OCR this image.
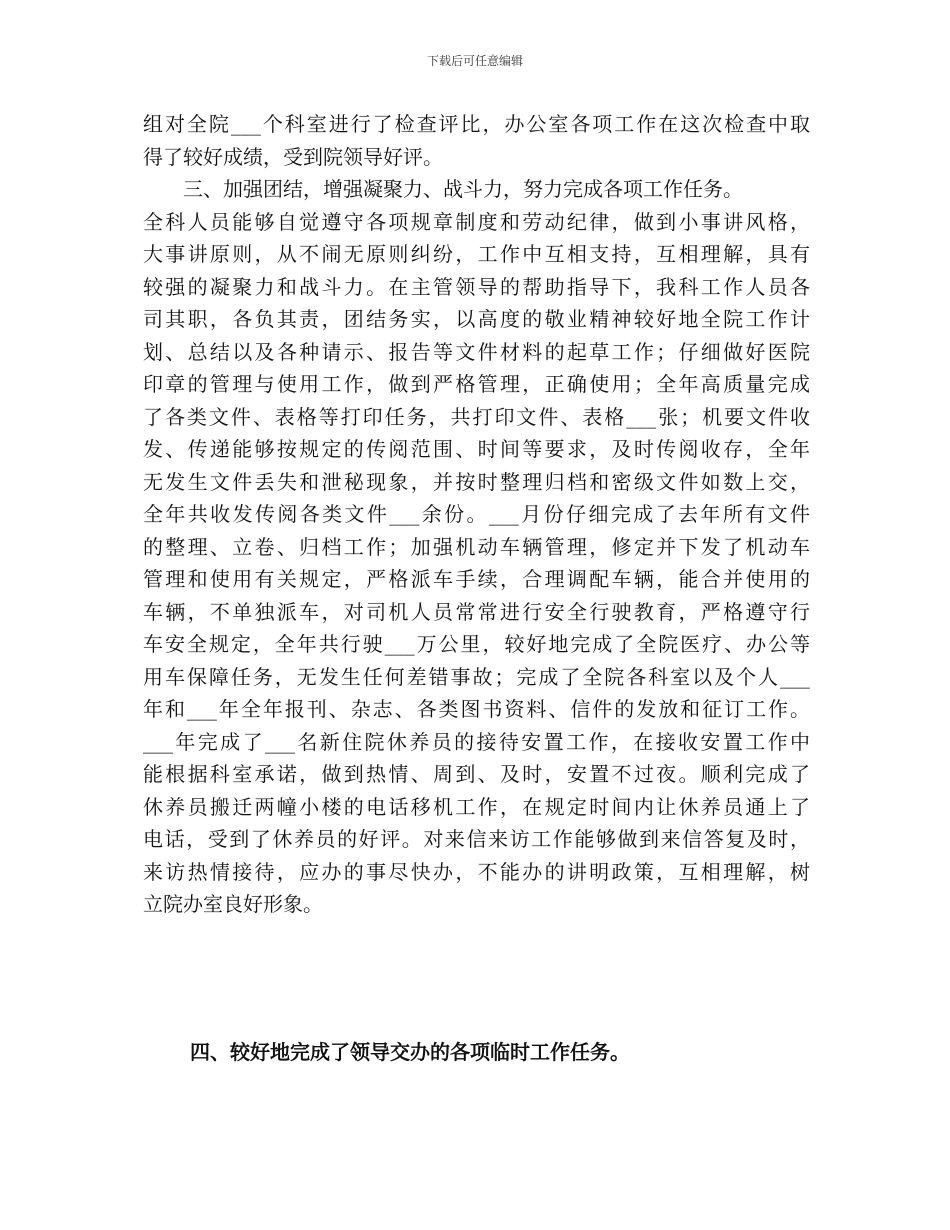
下载后可任意编辑
组对全院___个科室进行了检查评比，办公室各项工作在这次检查中取
得了较好成绩，受到院领导好评。
三、加强团结，增强凝聚力、战斗力，努力完成各项工作任务。
全科人员能够自觉遵守各项规章制度和劳动纪律，做到小事讲风格，
大事讲原则，从不闹无原则纠纷，工作中互相支持，互相理解，具有
较强的凝聚力和战斗力。在主管领导的帮助指导下，我科工作人员各
司其职，各负其责，团结务实，以高度的敬业精神较好地全院工作计
划、总结以及各种请示、报告等文件材料的起草工作；仔细做好医院
印章的管理与使用工作，做到严格管理，正确使用；全年高质量完成
了各类文件、表格等打印任务，共打印文件、表格___张；机要文件收
发、传递能够按规定的传阅范围、时间等要求，及时传阅收存，全年
无发生文件丢失和泄秘现象，并按时整理归档和密级文件如数上交，
全年共收发传阅各类文件___余份。___月份仔细完成了去年所有文件
的整理、立卷、归档工作；加强机动车辆管理，修定并下发了机动车
管理和使用有关规定，严格派车手续，合理调配车辆，能合并使用的
车辆，不单独派车，对司机人员常常进行安全行驶教育，严格遵守行
车安全规定，全年共行驶___万公里，较好地完成了全院医疗、办公等
用车保障任务，无发生任何差错事故；完成了全院各科室以及个人___
年和___年全年报刊、杂志、各类图书资料、信件的发放和征订工作。
___年完成了___名新住院休养员的接待安置工作，在接收安置工作中
能根据科室承诺，做到热情、周到、及时，安置不过夜。顺利完成了
休养员搬迁两幢小楼的电话移机工作，在规定时间内让休养员通上了
电话，受到了休养员的好评。对来信来访工作能够做到来信答复及时，
来访热情接待，应办的事尽快办，不能办的讲明政策，互相理解，树
立院办室良好形象。
四、较好地完成了领导交办的各项临时工作任务。
